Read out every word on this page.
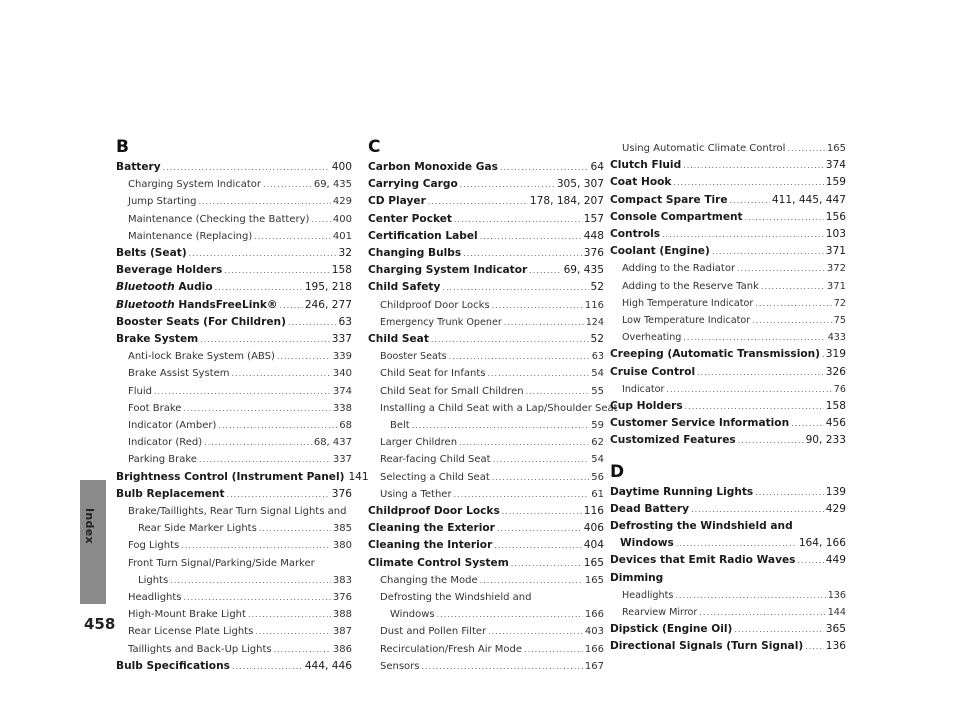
Index
458
B
Battery .....	400
Charging System Indicator .....	69, 435
Jump Starting .....	429
Maintenance (Checking the Battery) ..... 400
Maintenance (Replacing) .....	401
Belts (Seat) .....	32
Beverage Holders .....	158
Bluetooth Audio .....	195, 218
Bluetooth HandsFreeLink® .....	246, 277
Booster Seats (For Children) .....	63
Brake System .....	337
Anti-lock Brake System (ABS) .....	339
Brake Assist System .....	340
Fluid .....	374
Foot Brake .....	338
Indicator (Amber) .....	68
Indicator (Red) .....	68, 437
Parking Brake .....	337
Brightness Control (Instrument Panel) 141
Bulb Replacement .....	376
Brake/Taillights, Rear Turn Signal Lights and
Rear Side Marker Lights .....	385
Fog Lights .....	380
Front Turn Signal/Parking/Side Marker
Lights .....	383
Headlights .....	376
High-Mount Brake Light .....	388
Rear License Plate Lights .....	387
Taillights and Back-Up Lights .....	386
Bulb Specifications .....	444, 446
C
Carbon Monoxide Gas .....	64
Carrying Cargo .....	305, 307
CD Player .....	178, 184, 207
Center Pocket .....	157
Certification Label .....	448
Changing Bulbs .....	376
Charging System Indicator .....	69, 435
Child Safety .....	52
Childproof Door Locks .....	116
Emergency Trunk Opener .....	124
Child Seat .....	52
Booster Seats .....	63
Child Seat for Infants .....	54
Child Seat for Small Children .....	55
Installing a Child Seat with a Lap/Shoulder Seat
Belt .....	59
Larger Children .....	62
Rear-facing Child Seat .....	54
Selecting a Child Seat .....	56
Using a Tether .....	61
Childproof Door Locks .....	116
Cleaning the Exterior .....	406
Cleaning the Interior .....	404
Climate Control System .....	165
Changing the Mode .....	165
Defrosting the Windshield and
Windows .....	166
Dust and Pollen Filter .....	403
Recirculation/Fresh Air Mode .....	166
Sensors .....	167
Using Automatic Climate Control .....	165
Clutch Fluid .....	374
Coat Hook .....	159
Compact Spare Tire .....	411, 445, 447
Console Compartment .....	156
Controls .....	103
Coolant (Engine) .....	371
Adding to the Radiator .....	372
Adding to the Reserve Tank .....	371
High Temperature Indicator .....	72
Low Temperature Indicator .....	75
Overheating .....	433
Creeping (Automatic Transmission) ..... 319
Cruise Control .....	326
Indicator .....	76
Cup Holders .....	158
Customer Service Information .....	456
Customized Features .....	90, 233
D
Daytime Running Lights .....	139
Dead Battery .....	429
Defrosting the Windshield and
Windows .....	164, 166
Devices that Emit Radio Waves .....	449
Dimming
Headlights .....	136
Rearview Mirror .....	144
Dipstick (Engine Oil) .....	365
Directional Signals (Turn Signal) ..... 136
